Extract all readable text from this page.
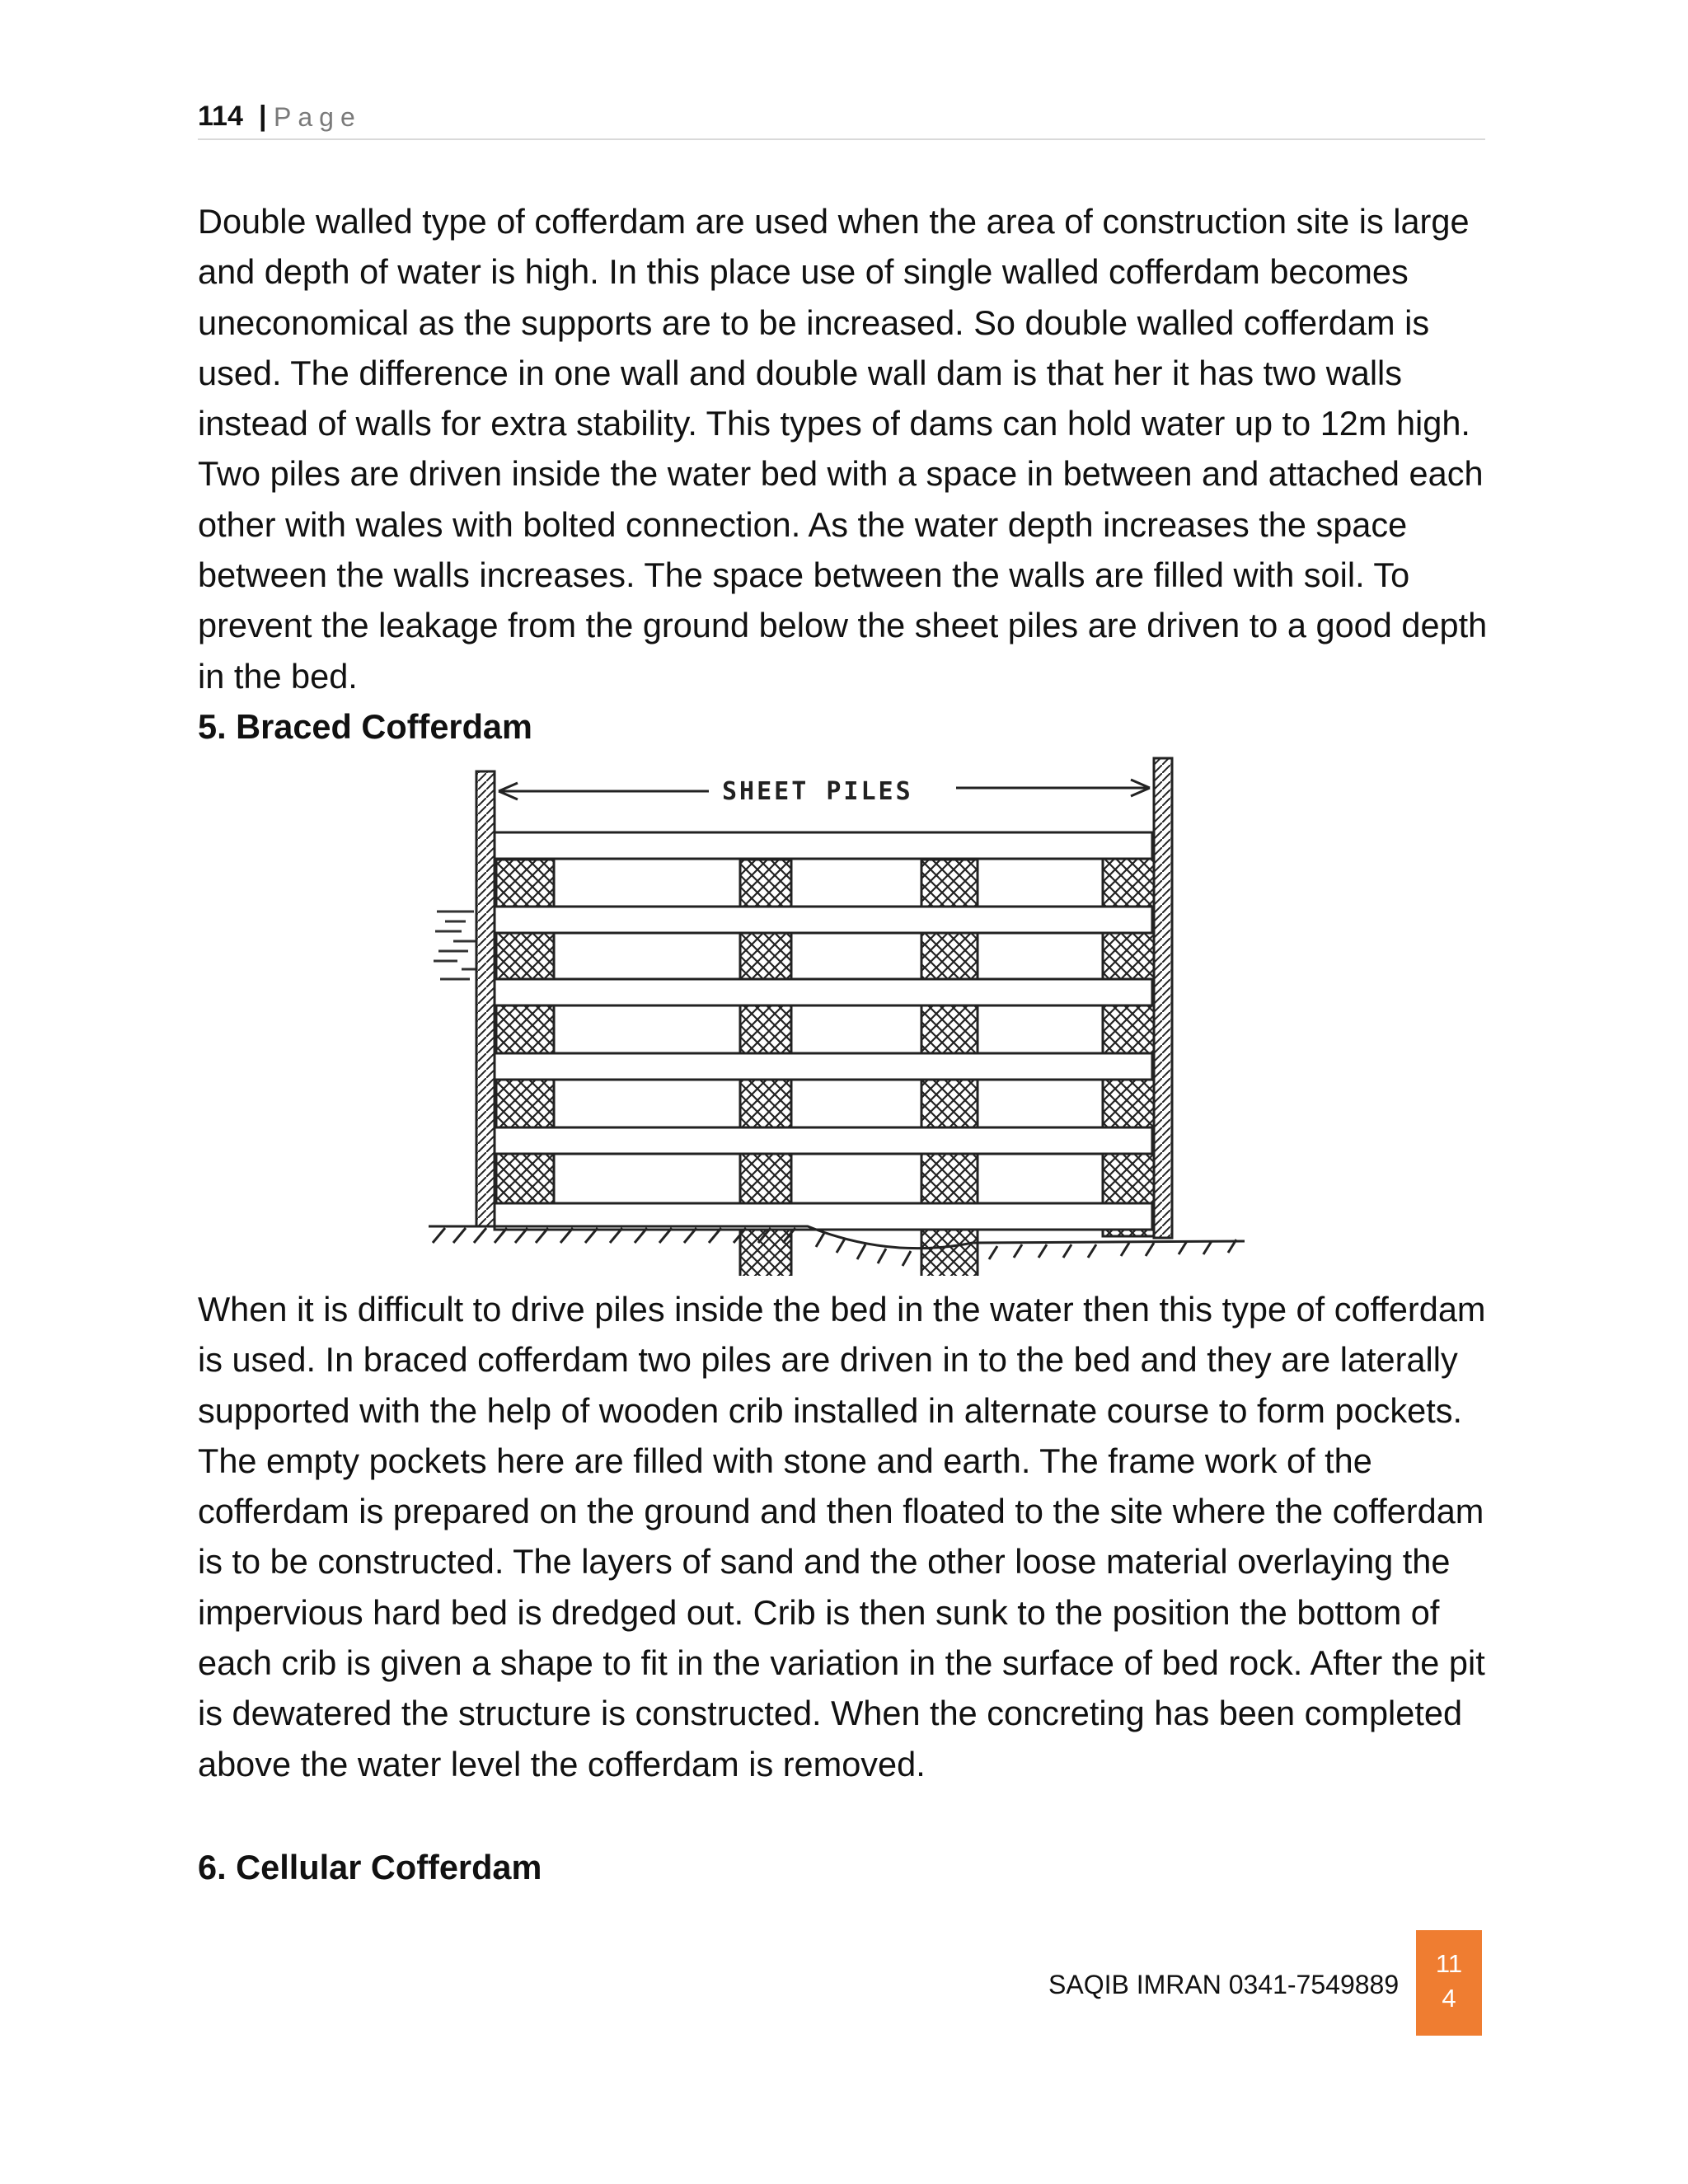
114 | Page

Double walled type of cofferdam are used when the area of construction site is large and depth of water is high. In this place use of single walled cofferdam becomes uneconomical as the supports are to be increased. So double walled cofferdam is used. The difference in one wall and double wall dam is that her it has two walls instead of walls for extra stability. This types of dams can hold water up to 12m high. Two piles are driven inside the water bed with a space in between and attached each other with wales with bolted connection. As the water depth increases the space between the walls increases. The space between the walls are filled with soil. To prevent the leakage from the ground below the sheet piles are driven to a good depth in the bed.

5. Braced Cofferdam

SHEET PILES

When it is difficult to drive piles inside the bed in the water then this type of cofferdam is used. In braced cofferdam two piles are driven in to the bed and they are laterally supported with the help of wooden crib installed in alternate course to form pockets. The empty pockets here are filled with stone and earth. The frame work of the cofferdam is prepared on the ground and then floated to the site where the cofferdam is to be constructed. The layers of sand and the other loose material overlaying the impervious hard bed is dredged out. Crib is then sunk to the position the bottom of each crib is given a shape to fit in the variation in the surface of bed rock. After the pit is dewatered the structure is constructed. When the concreting has been completed above the water level the cofferdam is removed.

6. Cellular Cofferdam

SAQIB IMRAN 0341-7549889
11
4
